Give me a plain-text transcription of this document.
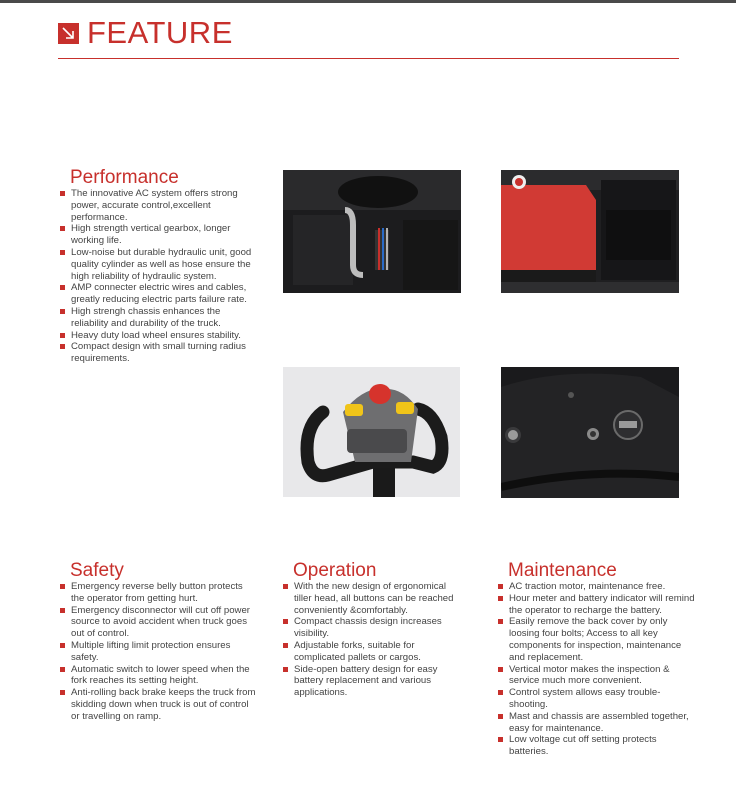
FEATURE
Performance
The innovative AC system offers strong power, accurate control,excellent performance.
High strength vertical gearbox, longer working life.
Low-noise but durable hydraulic unit, good quality cylinder as well as hose ensure the high reliability of hydraulic system.
AMP connecter electric wires and cables, greatly reducing electric parts failure rate.
High strengh chassis enhances the reliability and durability of the truck.
Heavy duty load wheel ensures stability.
Compact design with small turning radius requirements.
Safety
Emergency reverse belly button protects the operator from getting hurt.
Emergency disconnector will cut off power source to avoid accident when truck goes out of control.
Multiple lifting limit protection ensures safety.
Automatic switch to lower speed when the fork reaches its setting height.
Anti-rolling back brake keeps the truck from skidding down when truck is out of control or travelling on ramp.
Operation
With the new design of ergonomical tiller head, all buttons can be reached conveniently &comfortably.
Compact chassis design increases visibility.
Adjustable forks, suitable for complicated pallets or cargos.
Side-open battery design for easy battery replacement and various applications.
Maintenance
AC traction motor, maintenance free.
Hour meter and battery indicator will remind the operator to recharge the battery.
Easily remove the back cover by only loosing four bolts; Access to all key components for inspection, maintenance and replacement.
Vertical motor makes the inspection & service much more convenient.
Control system allows easy trouble-shooting.
Mast and chassis are assembled together, easy for maintenance.
Low voltage cut off setting protects batteries.
